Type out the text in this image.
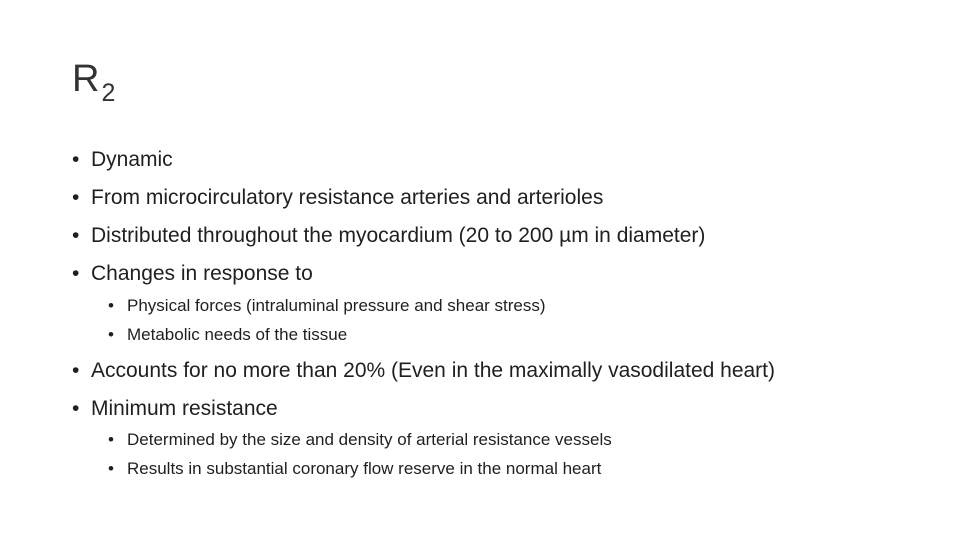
$R_2$
• Dynamic
• From microcirculatory resistance arteries and arterioles
• Distributed throughout the myocardium (20 to 200 µm in diameter)
• Changes in response to
• Physical forces (intraluminal pressure and shear stress)
• Metabolic needs of the tissue
• Accounts for no more than 20% (Even in the maximally vasodilated heart)
• Minimum resistance
• Determined by the size and density of arterial resistance vessels
• Results in substantial coronary flow reserve in the normal heart
